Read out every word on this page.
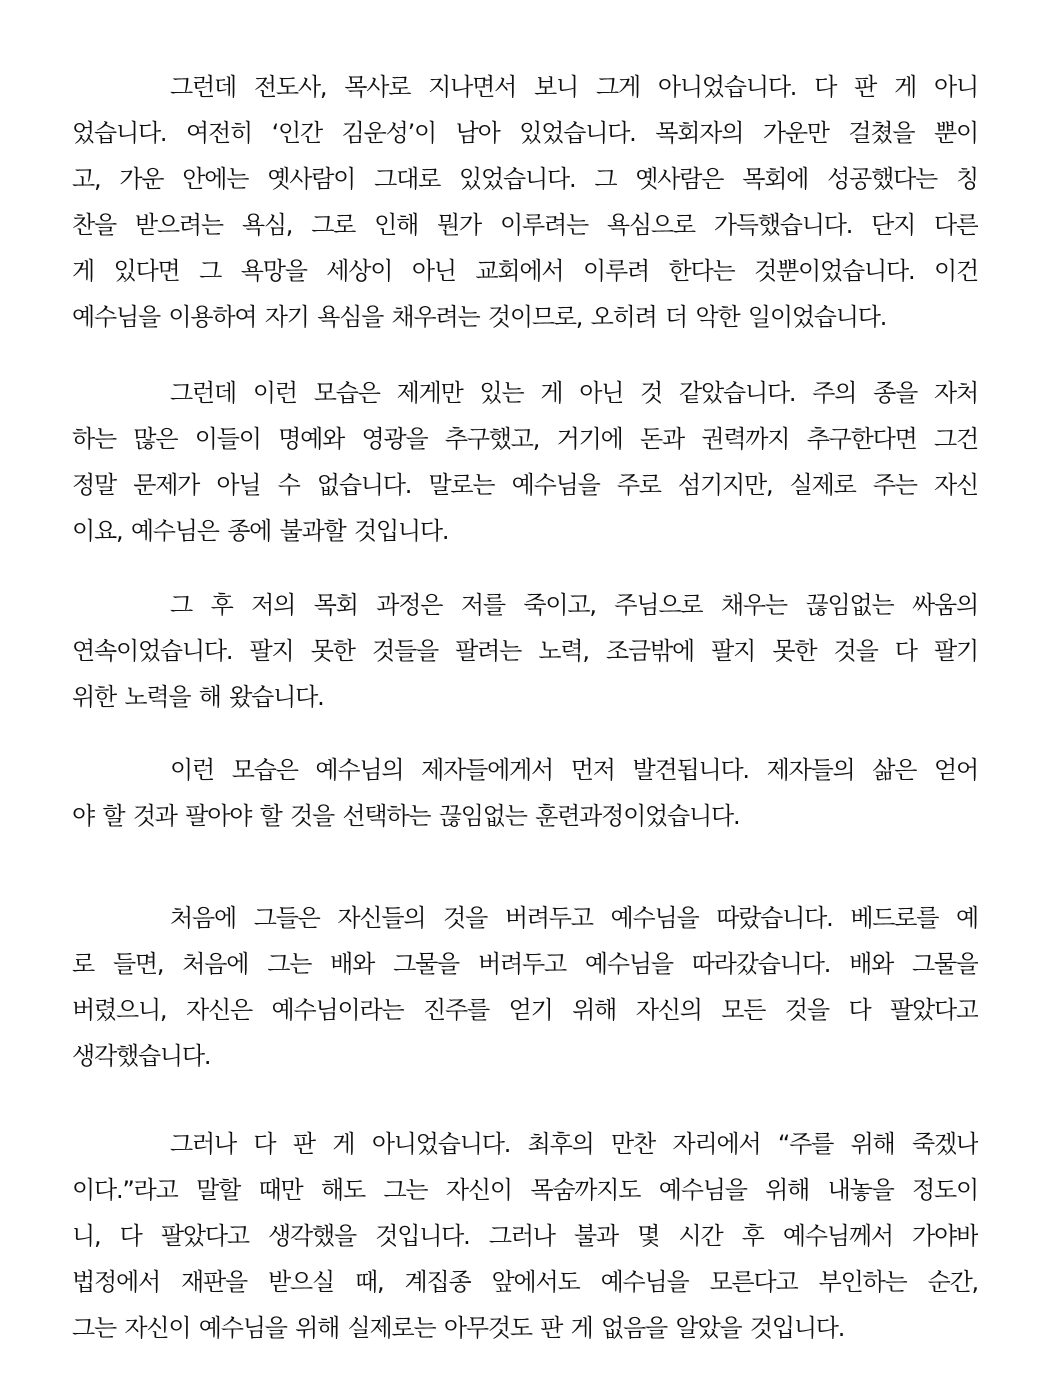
그런데 전도사, 목사로 지나면서 보니 그게 아니었습니다. 다 판 게 아니
었습니다. 여전히 ‘인간 김운성’이 남아 있었습니다. 목회자의 가운만 걸쳤을 뿐이
고, 가운 안에는 옛사람이 그대로 있었습니다. 그 옛사람은 목회에 성공했다는 칭
찬을 받으려는 욕심, 그로 인해 뭔가 이루려는 욕심으로 가득했습니다. 단지 다른
게 있다면 그 욕망을 세상이 아닌 교회에서 이루려 한다는 것뿐이었습니다. 이건
예수님을 이용하여 자기 욕심을 채우려는 것이므로, 오히려 더 악한 일이었습니다.
그런데 이런 모습은 제게만 있는 게 아닌 것 같았습니다. 주의 종을 자처
하는 많은 이들이 명예와 영광을 추구했고, 거기에 돈과 권력까지 추구한다면 그건
정말 문제가 아닐 수 없습니다. 말로는 예수님을 주로 섬기지만, 실제로 주는 자신
이요, 예수님은 종에 불과할 것입니다.
그 후 저의 목회 과정은 저를 죽이고, 주님으로 채우는 끊임없는 싸움의
연속이었습니다. 팔지 못한 것들을 팔려는 노력, 조금밖에 팔지 못한 것을 다 팔기
위한 노력을 해 왔습니다.
이런 모습은 예수님의 제자들에게서 먼저 발견됩니다. 제자들의 삶은 얻어
야 할 것과 팔아야 할 것을 선택하는 끊임없는 훈련과정이었습니다.
처음에 그들은 자신들의 것을 버려두고 예수님을 따랐습니다. 베드로를 예
로 들면, 처음에 그는 배와 그물을 버려두고 예수님을 따라갔습니다. 배와 그물을
버렸으니, 자신은 예수님이라는 진주를 얻기 위해 자신의 모든 것을 다 팔았다고
생각했습니다.
그러나 다 판 게 아니었습니다. 최후의 만찬 자리에서 “주를 위해 죽겠나
이다.”라고 말할 때만 해도 그는 자신이 목숨까지도 예수님을 위해 내놓을 정도이
니, 다 팔았다고 생각했을 것입니다. 그러나 불과 몇 시간 후 예수님께서 가야바
법정에서 재판을 받으실 때, 계집종 앞에서도 예수님을 모른다고 부인하는 순간,
그는 자신이 예수님을 위해 실제로는 아무것도 판 게 없음을 알았을 것입니다.
